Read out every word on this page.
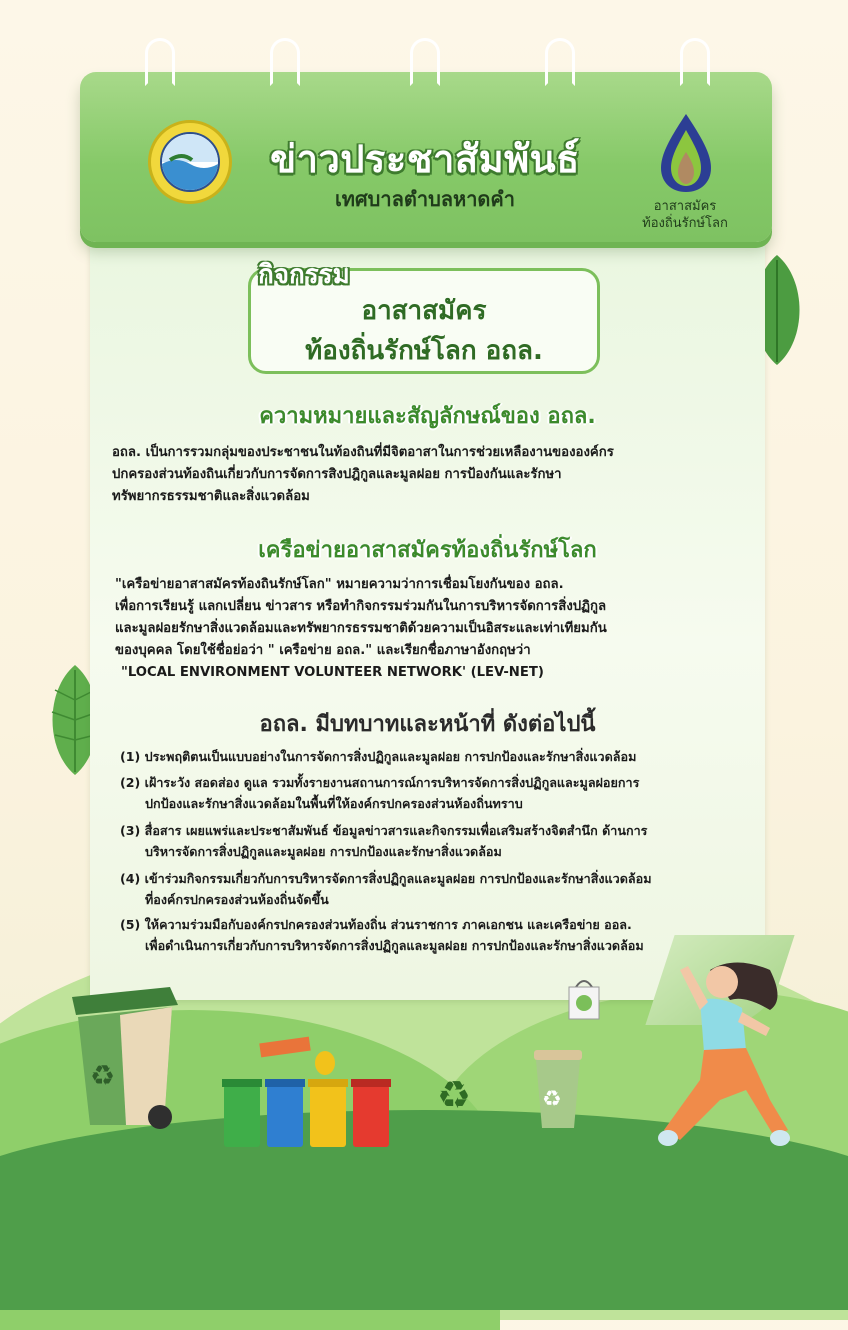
ข่าวประชาสัมพันธ์
เทศบาลตำบลหาดคำ	อาสาสมัคร
ท้องถิ่นรักษ์โลก
กิจกรรม
อาสาสมัคร
ท้องถิ่นรักษ์โลก อถล.
ความหมายและสัญลักษณ์ของ อถล.
อถล. เป็นการรวมกลุ่มของประชาชนในท้องถินที่มีจิตอาสาในการช่วยเหลืองานขององค์กร
ปกครองส่วนท้องถินเกี่ยวกับการจัดการสิงปฎิกูลและมูลฝอย การป้องกันและรักษา
ทรัพยากรธรรมชาติและสิ่งแวดล้อม
เครือข่ายอาสาสมัครท้องถิ่นรักษ์โลก
"เครือข่ายอาสาสมัครท้องถินรักษ์โลก" หมายความว่าการเชื่อมโยงกันของ อถล.
เพื่อการเรียนรู้ แลกเปลี่ยน ข่าวสาร หรือทำกิจกรรมร่วมกันในการบริหารจัดการสิ่งปฏิกูล
และมูลฝอยรักษาสิ่งแวดล้อมและทรัพยากรธรรมชาติด้วยความเป็นอิสระและเท่าเทียมกัน
ของบุคคล โดยใช้ชื่อย่อว่า " เครือข่าย อถล." และเรียกชื่อภาษาอังกฤษว่า
"LOCAL ENVIRONMENT VOLUNTEER NETWORK' (LEV-NET)
อถล. มีบทบาทและหน้าที่ ดังต่อไปนี้
(1) ประพฤติตนเป็นแบบอย่างในการจัดการสิ่งปฏิกูลและมูลฝอย การปกป้องและรักษาสิ่งแวดล้อม
(2) เฝ้าระวัง สอดส่อง ดูแล รวมทั้งรายงานสถานการณ์การบริหารจัดการสิ่งปฏิกูลและมูลฝอยการ
ปกป้องและรักษาสิ่งแวดล้อมในพื้นที่ให้องค์กรปกครองส่วนห้องถิ่นทราบ
(3) สื่อสาร เผยแพร่และประชาสัมพันธ์ ข้อมูลข่าวสารและกิจกรรมเพื่อเสริมสร้างจิตสำนึก ด้านการ
บริหารจัดการสิ่งปฏิกูลและมูลฝอย การปกป้องและรักษาสิ่งแวดล้อม
(4) เข้าร่วมกิจกรรมเกี่ยวกับการบริหารจัดการสิ่งปฏิกูลและมูลฝอย การปกป้องและรักษาสิ่งแวดล้อม
ที่องค์กรปกครองส่วนห้องถิ่นจัดขึ้น
(5) ให้ความร่วมมือกับองค์กรปกครองส่วนท้องถิ่น ส่วนราชการ ภาคเอกชน และเครือข่าย ออล.
เพื่อดำเนินการเกี่ยวกับการบริหารจัดการสิ่งปฏิกูลและมูลฝอย การปกป้องและรักษาสิ่งแวดล้อม
♻	♻	♻
